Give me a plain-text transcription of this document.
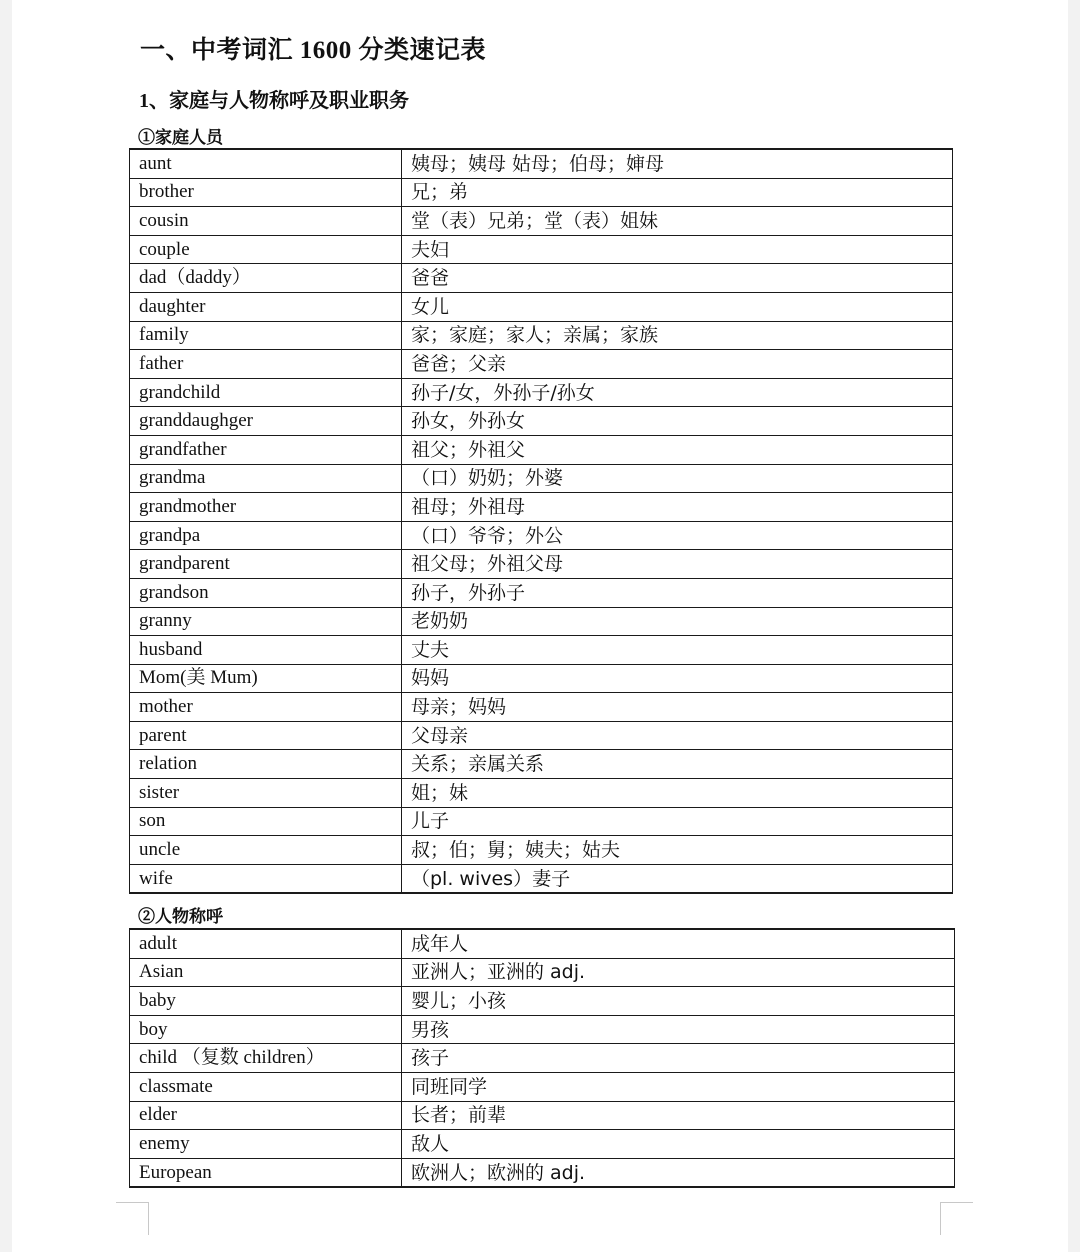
一、中考词汇 1600 分类速记表
1、家庭与人物称呼及职业职务
①家庭人员
aunt	姨母；姨母 姑母；伯母；婶母
brother	兄；弟
cousin	堂（表）兄弟；堂（表）姐妹
couple	夫妇
dad（daddy）	爸爸
daughter	女儿
family	家；家庭；家人；亲属；家族
father	爸爸；父亲
grandchild	孙子/女，外孙子/孙女
granddaughger	孙女，外孙女
grandfather	祖父；外祖父
grandma	（口）奶奶；外婆
grandmother	祖母；外祖母
grandpa	（口）爷爷；外公
grandparent	祖父母；外祖父母
grandson	孙子，外孙子
granny	老奶奶
husband	丈夫
Mom(美 Mum)	妈妈
mother	母亲；妈妈
parent	父母亲
relation	关系；亲属关系
sister	姐；妹
son	儿子
uncle	叔；伯；舅；姨夫；姑夫
wife	（pl. wives）妻子
②人物称呼
adult	成年人
Asian	亚洲人；亚洲的 adj.
baby	婴儿；小孩
boy	男孩
child （复数 children）	孩子
classmate	同班同学
elder	长者；前辈
enemy	敌人
European	欧洲人；欧洲的 adj.
